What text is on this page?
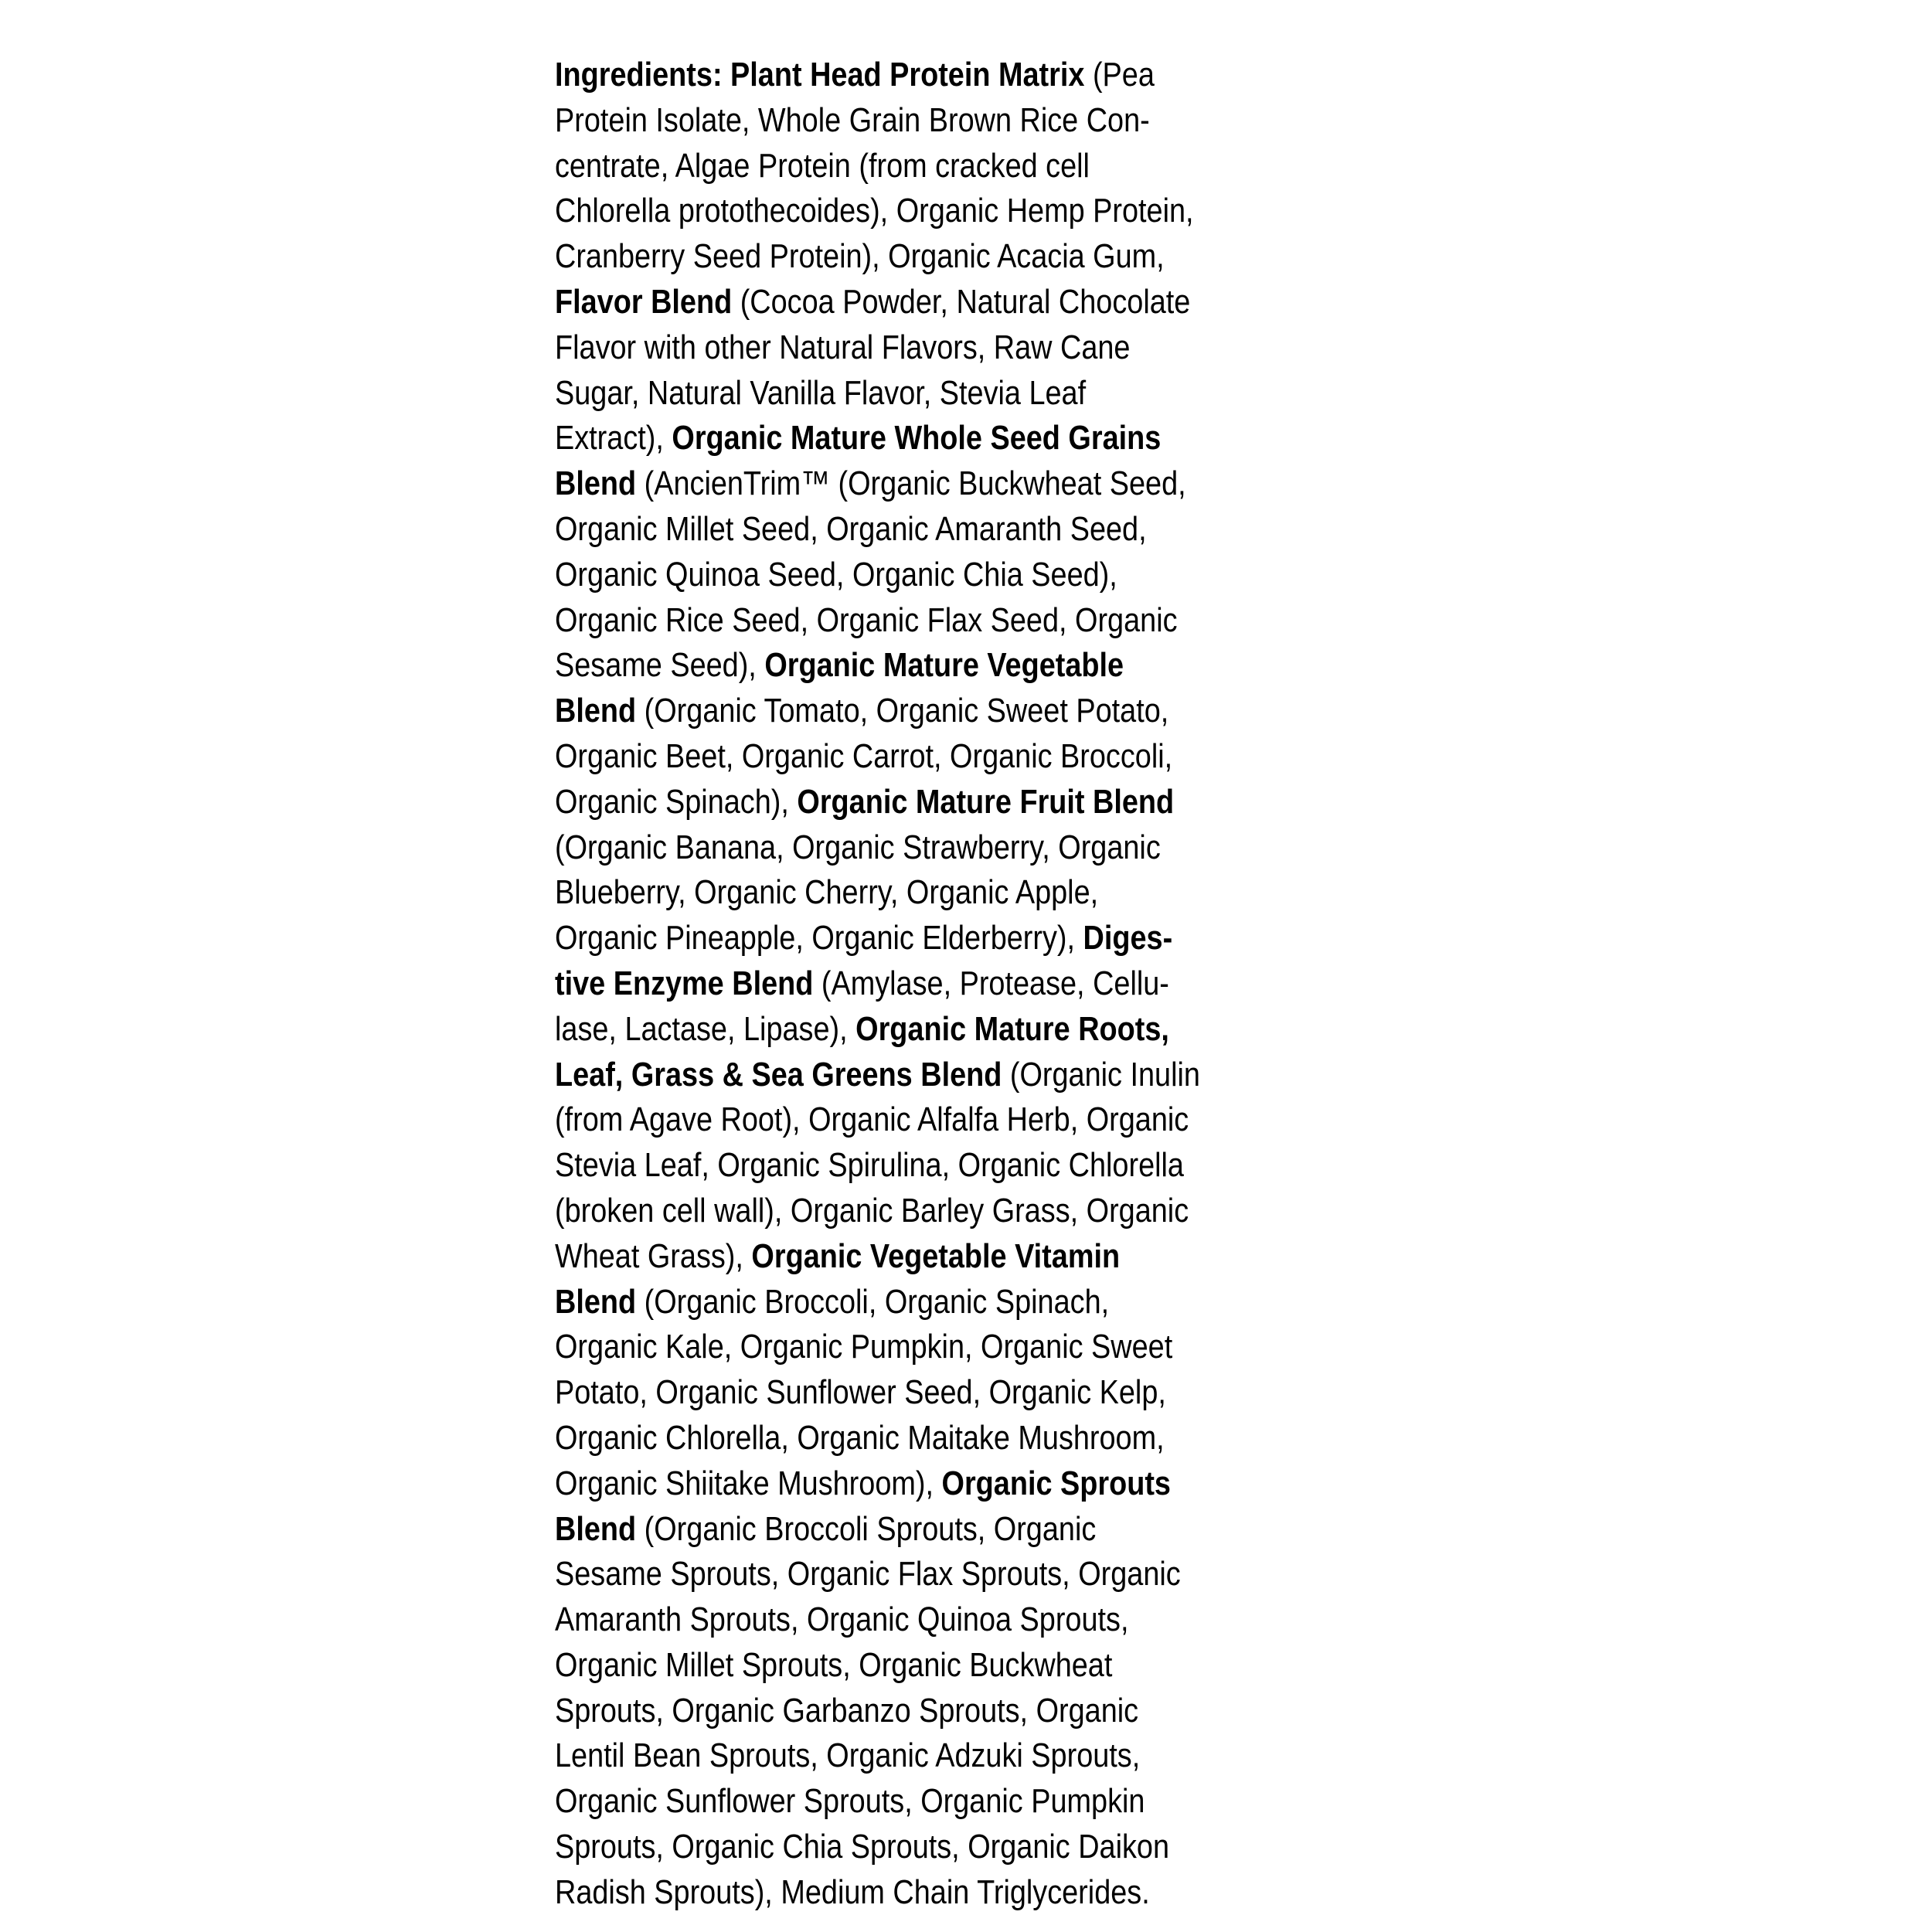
Ingredients: Plant Head Protein Matrix (Pea
Protein Isolate, Whole Grain Brown Rice Con-
centrate, Algae Protein (from cracked cell
Chlorella protothecoides), Organic Hemp Protein,
Cranberry Seed Protein), Organic Acacia Gum,
Flavor Blend (Cocoa Powder, Natural Chocolate
Flavor with other Natural Flavors, Raw Cane
Sugar, Natural Vanilla Flavor, Stevia Leaf
Extract), Organic Mature Whole Seed Grains
Blend (AncienTrim™ (Organic Buckwheat Seed,
Organic Millet Seed, Organic Amaranth Seed,
Organic Quinoa Seed, Organic Chia Seed),
Organic Rice Seed, Organic Flax Seed, Organic
Sesame Seed), Organic Mature Vegetable
Blend (Organic Tomato, Organic Sweet Potato,
Organic Beet, Organic Carrot, Organic Broccoli,
Organic Spinach), Organic Mature Fruit Blend
(Organic Banana, Organic Strawberry, Organic
Blueberry, Organic Cherry, Organic Apple,
Organic Pineapple, Organic Elderberry), Diges-
tive Enzyme Blend (Amylase, Protease, Cellu-
lase, Lactase, Lipase), Organic Mature Roots,
Leaf, Grass & Sea Greens Blend (Organic Inulin
(from Agave Root), Organic Alfalfa Herb, Organic
Stevia Leaf, Organic Spirulina, Organic Chlorella
(broken cell wall), Organic Barley Grass, Organic
Wheat Grass), Organic Vegetable Vitamin
Blend (Organic Broccoli, Organic Spinach,
Organic Kale, Organic Pumpkin, Organic Sweet
Potato, Organic Sunflower Seed, Organic Kelp,
Organic Chlorella, Organic Maitake Mushroom,
Organic Shiitake Mushroom), Organic Sprouts
Blend (Organic Broccoli Sprouts, Organic
Sesame Sprouts, Organic Flax Sprouts, Organic
Amaranth Sprouts, Organic Quinoa Sprouts,
Organic Millet Sprouts, Organic Buckwheat
Sprouts, Organic Garbanzo Sprouts, Organic
Lentil Bean Sprouts, Organic Adzuki Sprouts,
Organic Sunflower Sprouts, Organic Pumpkin
Sprouts, Organic Chia Sprouts, Organic Daikon
Radish Sprouts), Medium Chain Triglycerides.
